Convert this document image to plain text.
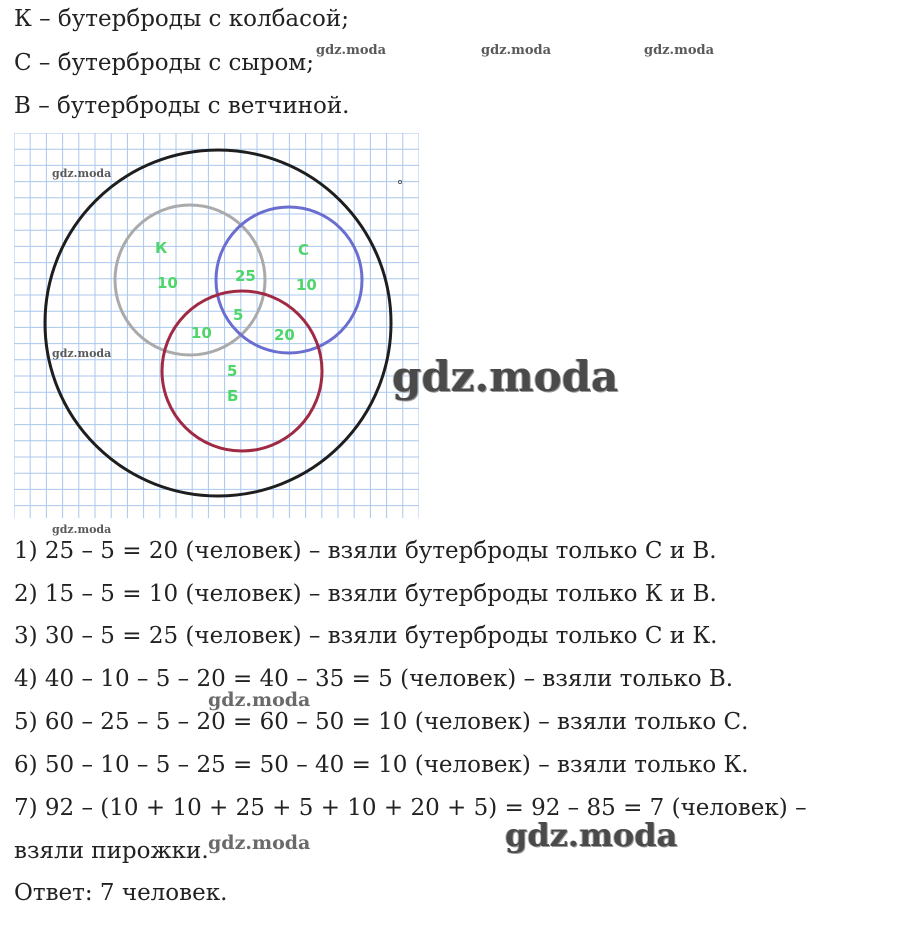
К – бутерброды с колбасой;
С – бутерброды с сыром;
В – бутерброды с ветчиной.
К
10
С
10
25
5
10	20
5
Б
1) 25 – 5 = 20 (человек) – взяли бутерброды только С и В.
2) 15 – 5 = 10 (человек) – взяли бутерброды только К и В.
3) 30 – 5 = 25 (человек) – взяли бутерброды только С и К.
4) 40 – 10 – 5 – 20 = 40 – 35 = 5 (человек) – взяли только В.
5) 60 – 25 – 5 – 20 = 60 – 50 = 10 (человек) – взяли только С.
6) 50 – 10 – 5 – 25 = 50 – 40 = 10 (человек) – взяли только К.
7) 92 – (10 + 10 + 25 + 5 + 10 + 20 + 5) = 92 – 85 = 7 (человек) –
взяли пирожки.
Ответ: 7 человек.
gdz.moda	gdz.moda	gdz.moda
gdz.moda
gdz.moda
gdz.moda
gdz.moda
gdz.moda
gdz.moda
gdz.moda
